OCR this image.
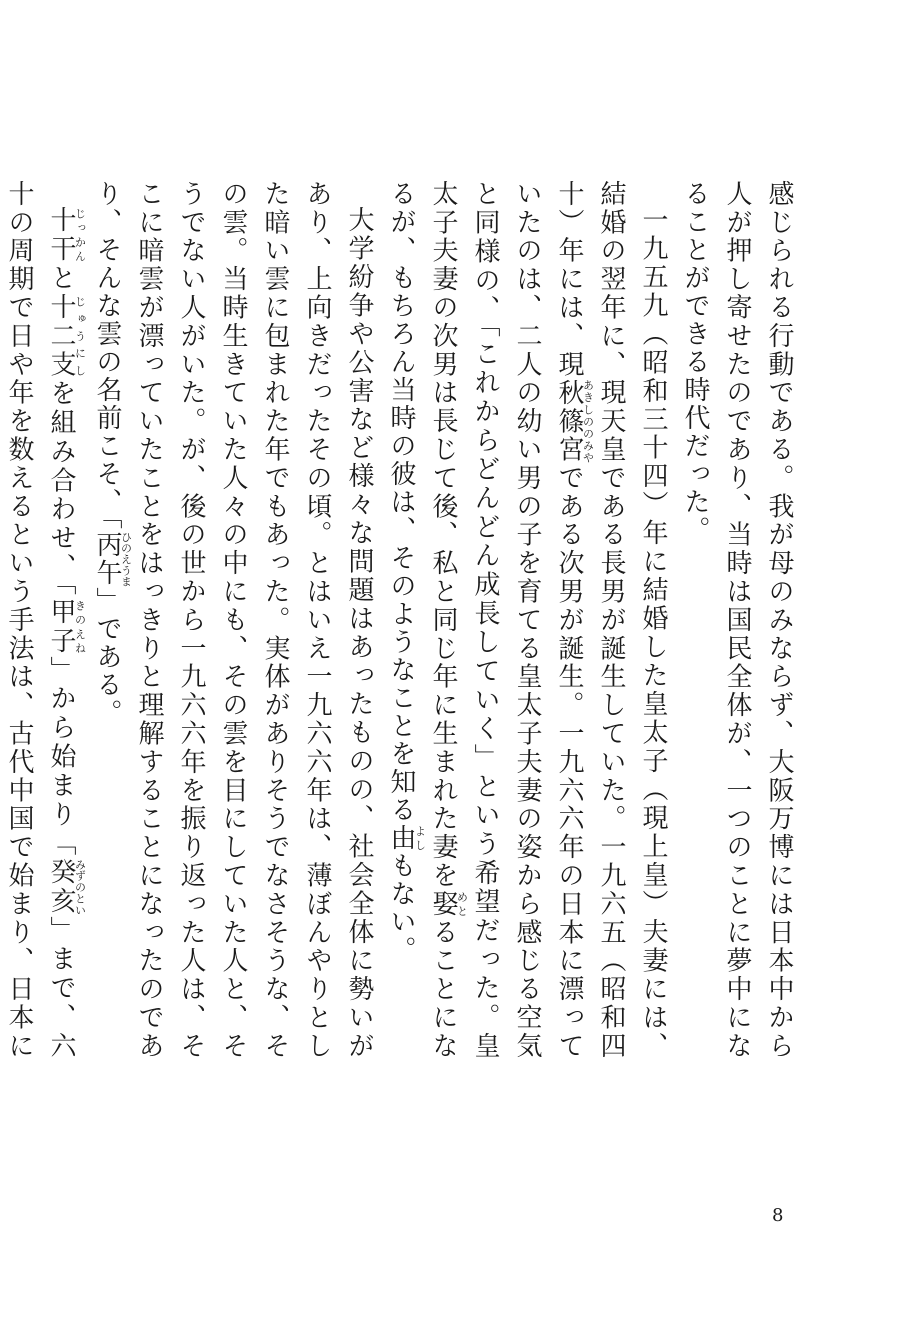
感じられる行動である。我が母のみならず、大阪万博には日本中から人が押し寄せたのであり、当時は国民全体が、一つのことに夢中になることができる時代だった。

一九五九（昭和三十四）年に結婚した皇太子（現上皇）夫妻には、結婚の翌年に、現天皇である長男が誕生していた。一九六五（昭和四十）年には、現秋篠宮あきしののみやである次男が誕生。一九六六年の日本に漂っていたのは、二人の幼い男の子を育てる皇太子夫妻の姿から感じる空気と同様の、「これからどんどん成長していく」という希望だった。皇太子夫妻の次男は長じて後、私と同じ年に生まれた妻を娶めとることになるが、もちろん当時の彼は、そのようなことを知る由よしもない。

大学紛争や公害など様々な問題はあったものの、社会全体に勢いがあり、上向きだったその頃。とはいえ一九六六年は、薄ぼんやりとした暗い雲に包まれた年でもあった。実体がありそうでなさそうな、その雲。当時生きていた人々の中にも、その雲を目にしていた人と、そうでない人がいた。が、後の世から一九六六年を振り返った人は、そこに暗雲が漂っていたことをはっきりと理解することになったのであり、そんな雲の名前こそ、「丙午ひのえうま」である。

十干じっかんと十二支じゅうにしを組み合わせ、「甲子きのえね」から始まり「癸亥みずのとい」まで、六十の周期で日や年を数えるという手法は、古代中国で始まり、日本に

8
